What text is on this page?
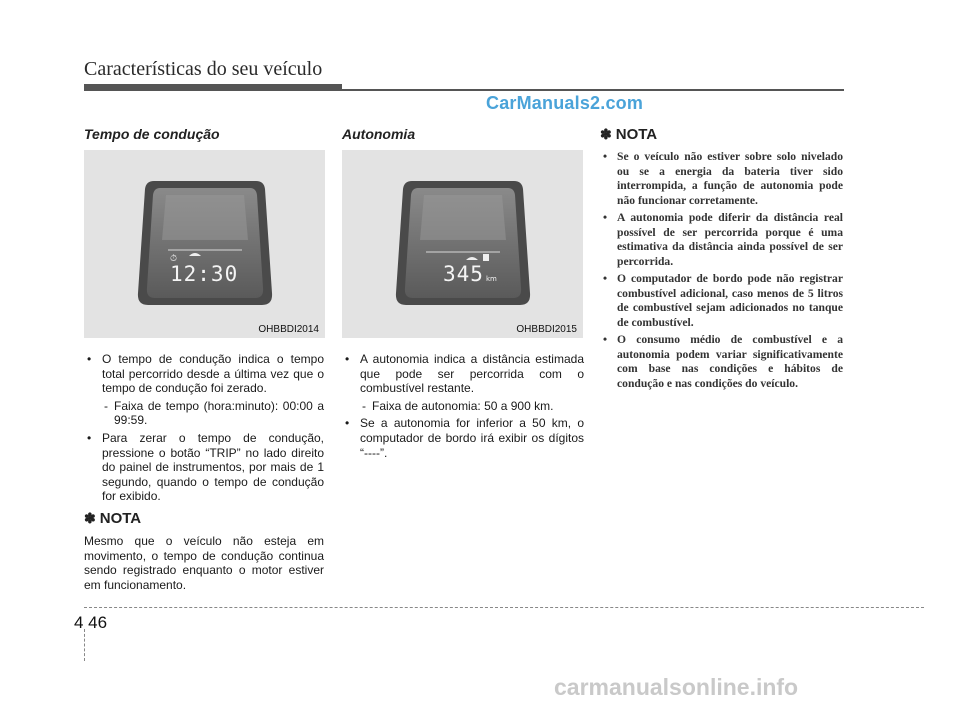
Características do seu veículo
CarManuals2.com
Tempo de condução
⏱
12:30
OHBBDI2014
• O tempo de condução indica o tempo total percorrido desde a última vez que o tempo de condução foi zerado.
- Faixa de tempo (hora:minuto): 00:00 a 99:59.
• Para zerar o tempo de condução, pressione o botão “TRIP” no lado direito do painel de instrumentos, por mais de 1 segundo, quando o tempo de condução for exibido.
✽ NOTA
Mesmo que o veículo não esteja em movimento, o tempo de condução continua sendo registrado enquanto o motor estiver em funcionamento.
Autonomia
345 km
OHBBDI2015
• A autonomia indica a distância estimada que pode ser percorrida com o combustível restante.
- Faixa de autonomia: 50 a 900 km.
• Se a autonomia for inferior a 50 km, o computador de bordo irá exibir os dígitos “----”.
✽ NOTA
• Se o veículo não estiver sobre solo nivelado ou se a energia da bateria tiver sido interrompida, a função de autonomia pode não funcionar corretamente.
• A autonomia pode diferir da distância real possível de ser percorrida porque é uma estimativa da distância ainda possível de ser percorrida.
• O computador de bordo pode não registrar combustível adicional, caso menos de 5 litros de combustível sejam adicionados no tanque de combustível.
• O consumo médio de combustível e a autonomia podem variar significativamente com base nas condições e hábitos de condução e nas condições do veículo.
4 46
carmanualsonline.info
